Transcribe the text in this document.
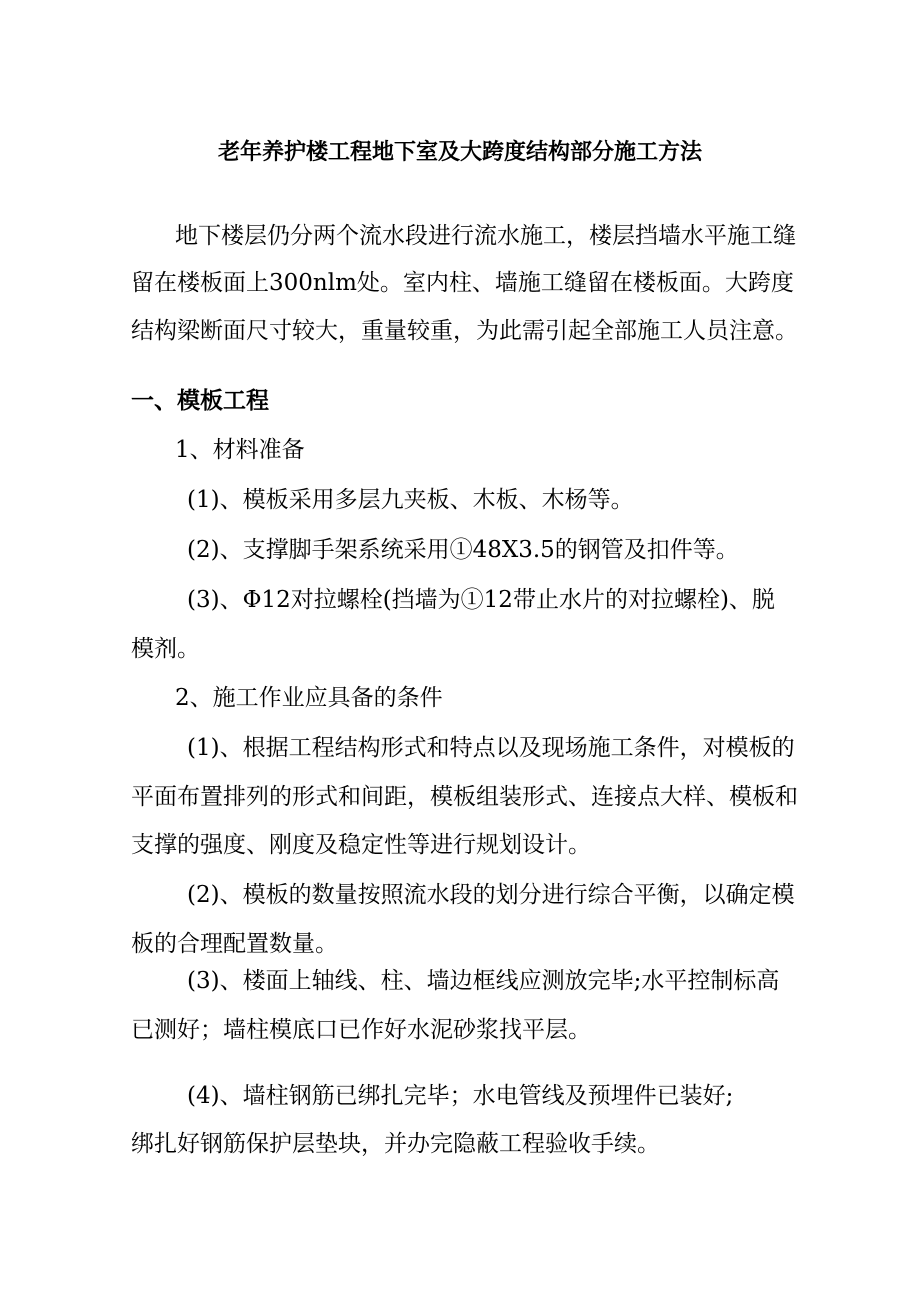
老年养护楼工程地下室及大跨度结构部分施工方法

地下楼层仍分两个流水段进行流水施工，楼层挡墙水平施工缝

留在楼板面上300nlm处。室内柱、墙施工缝留在楼板面。大跨度

结构梁断面尺寸较大，重量较重，为此需引起全部施工人员注意。

一、模板工程

1、材料准备

(1)、模板采用多层九夹板、木板、木杨等。

(2)、支撑脚手架系统采用①48X3.5的钢管及扣件等。

(3)、Φ12对拉螺栓(挡墙为①12带止水片的对拉螺栓)、脱

模剂。

2、施工作业应具备的条件

(1)、根据工程结构形式和特点以及现场施工条件，对模板的

平面布置排列的形式和间距，模板组装形式、连接点大样、模板和

支撑的强度、刚度及稳定性等进行规划设计。

(2)、模板的数量按照流水段的划分进行综合平衡，以确定模

板的合理配置数量。

(3)、楼面上轴线、柱、墙边框线应测放完毕;水平控制标高

已测好；墙柱模底口已作好水泥砂浆找平层。

(4)、墙柱钢筋已绑扎完毕；水电管线及预埋件已装好;

绑扎好钢筋保护层垫块，并办完隐蔽工程验收手续。
